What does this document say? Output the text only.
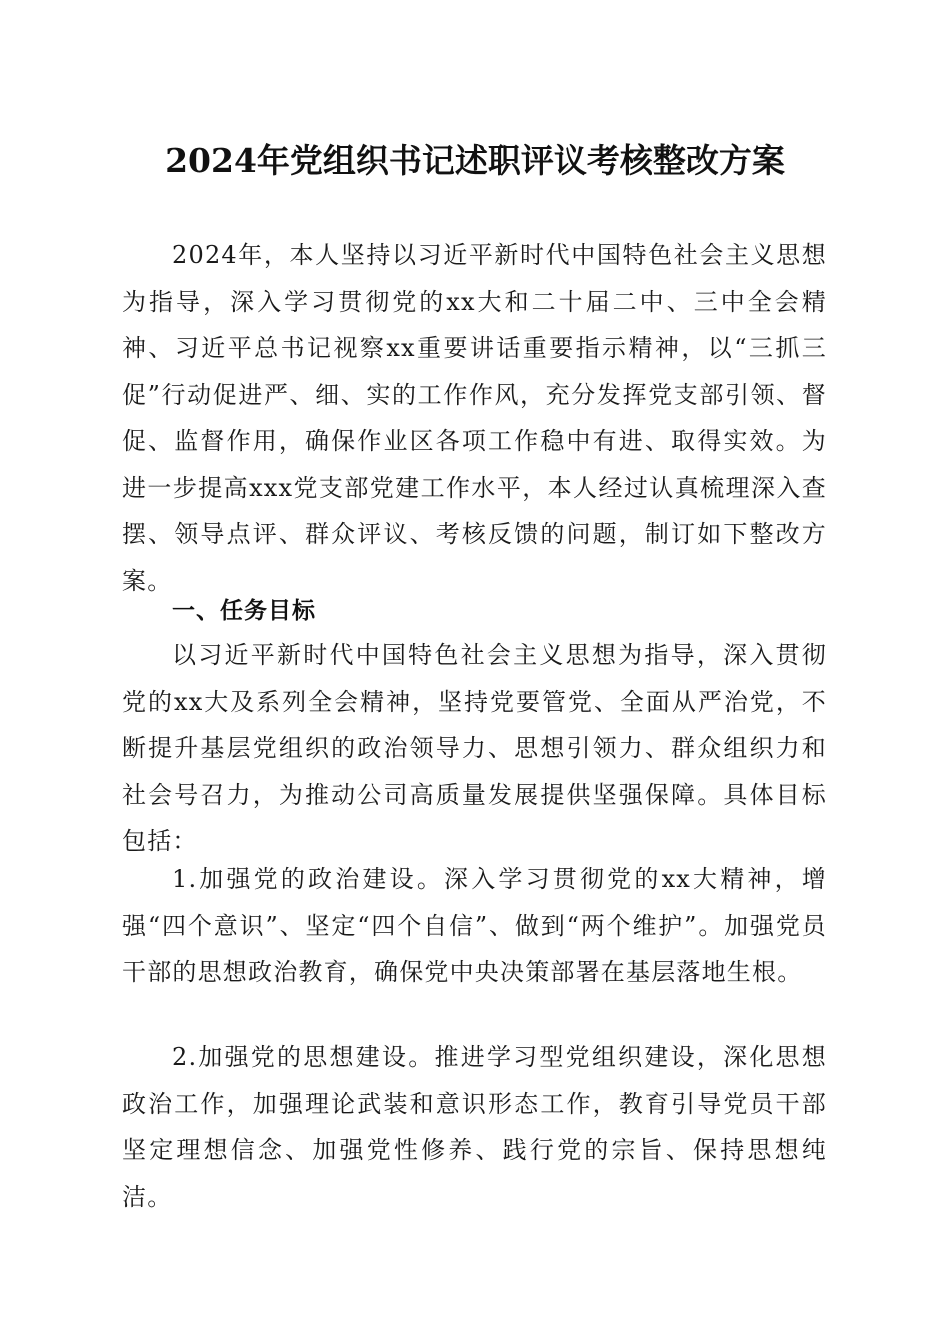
2024年党组织书记述职评议考核整改方案

2024年，本人坚持以习近平新时代中国特色社会主义思想为指导，深入学习贯彻党的xx大和二十届二中、三中全会精神、习近平总书记视察xx重要讲话重要指示精神，以“三抓三促”行动促进严、细、实的工作作风，充分发挥党支部引领、督促、监督作用，确保作业区各项工作稳中有进、取得实效。为进一步提高xxx党支部党建工作水平，本人经过认真梳理深入查摆、领导点评、群众评议、考核反馈的问题，制订如下整改方案。

一、任务目标

以习近平新时代中国特色社会主义思想为指导，深入贯彻党的xx大及系列全会精神，坚持党要管党、全面从严治党，不断提升基层党组织的政治领导力、思想引领力、群众组织力和社会号召力，为推动公司高质量发展提供坚强保障。具体目标包括：

1.加强党的政治建设。深入学习贯彻党的xx大精神，增强“四个意识”、坚定“四个自信”、做到“两个维护”。加强党员干部的思想政治教育，确保党中央决策部署在基层落地生根。

2.加强党的思想建设。推进学习型党组织建设，深化思想政治工作，加强理论武装和意识形态工作，教育引导党员干部坚定理想信念、加强党性修养、践行党的宗旨、保持思想纯洁。
